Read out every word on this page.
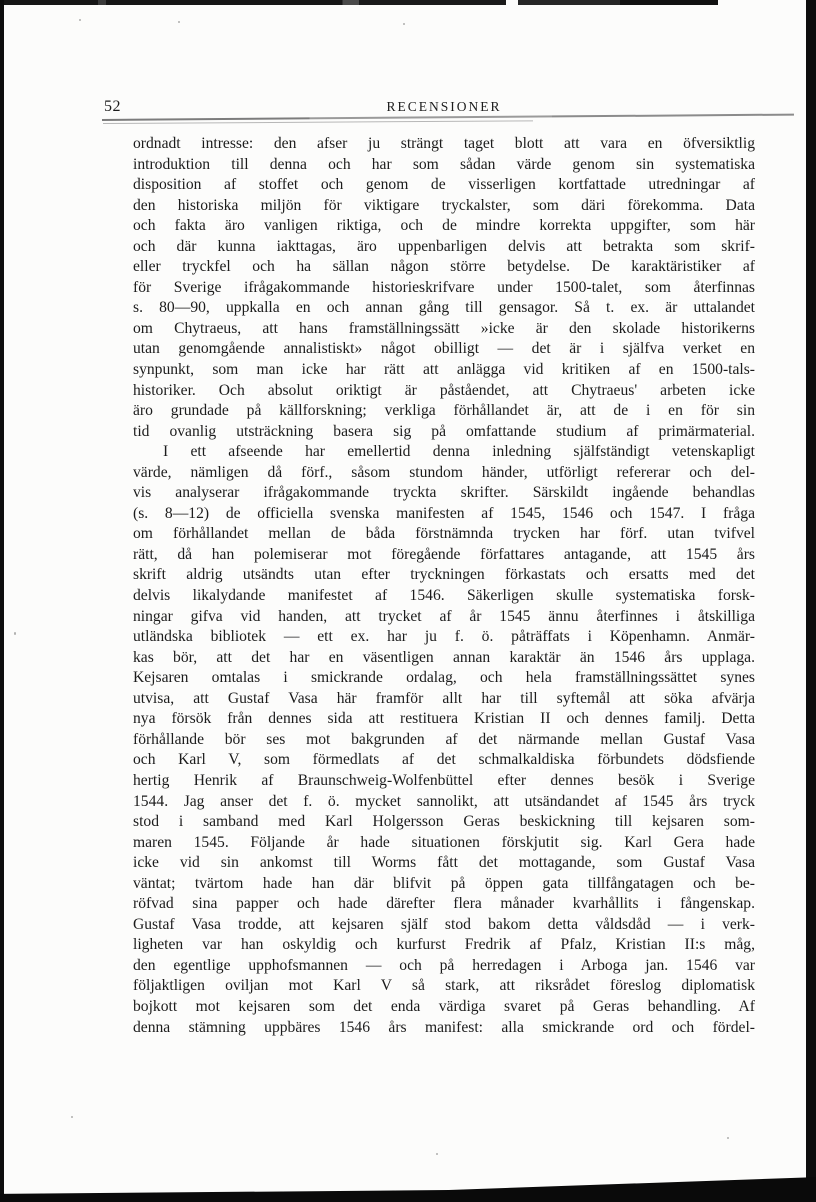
52	RECENSIONER
ordnadt intresse: den afser ju strängt taget blott att vara en öfversiktlig
introduktion till denna och har som sådan värde genom sin systematiska
disposition af stoffet och genom de visserligen kortfattade utredningar af
den historiska miljön för viktigare tryckalster, som däri förekomma. Data
och fakta äro vanligen riktiga, och de mindre korrekta uppgifter, som här
och där kunna iakttagas, äro uppenbarligen delvis att betrakta som skrif-
eller tryckfel och ha sällan någon större betydelse. De karaktäristiker af
för Sverige ifrågakommande historieskrifvare under 1500-talet, som återfinnas
s. 80—90, uppkalla en och annan gång till gensagor. Så t. ex. är uttalandet
om Chytraeus, att hans framställningssätt »icke är den skolade historikerns
utan genomgående annalistiskt» något obilligt — det är i själfva verket en
synpunkt, som man icke har rätt att anlägga vid kritiken af en 1500-tals-
historiker. Och absolut oriktigt är påståendet, att Chytraeus' arbeten icke
äro grundade på källforskning; verkliga förhållandet är, att de i en för sin
tid ovanlig utsträckning basera sig på omfattande studium af primärmaterial.
I ett afseende har emellertid denna inledning själfständigt vetenskapligt
värde, nämligen då förf., såsom stundom händer, utförligt refererar och del-
vis analyserar ifrågakommande tryckta skrifter. Särskildt ingående behandlas
(s. 8—12) de officiella svenska manifesten af 1545, 1546 och 1547. I fråga
om förhållandet mellan de båda förstnämnda trycken har förf. utan tvifvel
rätt, då han polemiserar mot föregående författares antagande, att 1545 års
skrift aldrig utsändts utan efter tryckningen förkastats och ersatts med det
delvis likalydande manifestet af 1546. Säkerligen skulle systematiska forsk-
ningar gifva vid handen, att trycket af år 1545 ännu återfinnes i åtskilliga
utländska bibliotek — ett ex. har ju f. ö. påträffats i Köpenhamn. Anmär-
kas bör, att det har en väsentligen annan karaktär än 1546 års upplaga.
Kejsaren omtalas i smickrande ordalag, och hela framställningssättet synes
utvisa, att Gustaf Vasa här framför allt har till syftemål att söka afvärja
nya försök från dennes sida att restituera Kristian II och dennes familj. Detta
förhållande bör ses mot bakgrunden af det närmande mellan Gustaf Vasa
och Karl V, som förmedlats af det schmalkaldiska förbundets dödsfiende
hertig Henrik af Braunschweig-Wolfenbüttel efter dennes besök i Sverige
1544. Jag anser det f. ö. mycket sannolikt, att utsändandet af 1545 års tryck
stod i samband med Karl Holgersson Geras beskickning till kejsaren som-
maren 1545. Följande år hade situationen förskjutit sig. Karl Gera hade
icke vid sin ankomst till Worms fått det mottagande, som Gustaf Vasa
väntat; tvärtom hade han där blifvit på öppen gata tillfångatagen och be-
röfvad sina papper och hade därefter flera månader kvarhållits i fångenskap.
Gustaf Vasa trodde, att kejsaren själf stod bakom detta våldsdåd — i verk-
ligheten var han oskyldig och kurfurst Fredrik af Pfalz, Kristian II:s måg,
den egentlige upphofsmannen — och på herredagen i Arboga jan. 1546 var
följaktligen oviljan mot Karl V så stark, att riksrådet föreslog diplomatisk
bojkott mot kejsaren som det enda värdiga svaret på Geras behandling. Af
denna stämning uppbäres 1546 års manifest: alla smickrande ord och fördel-
